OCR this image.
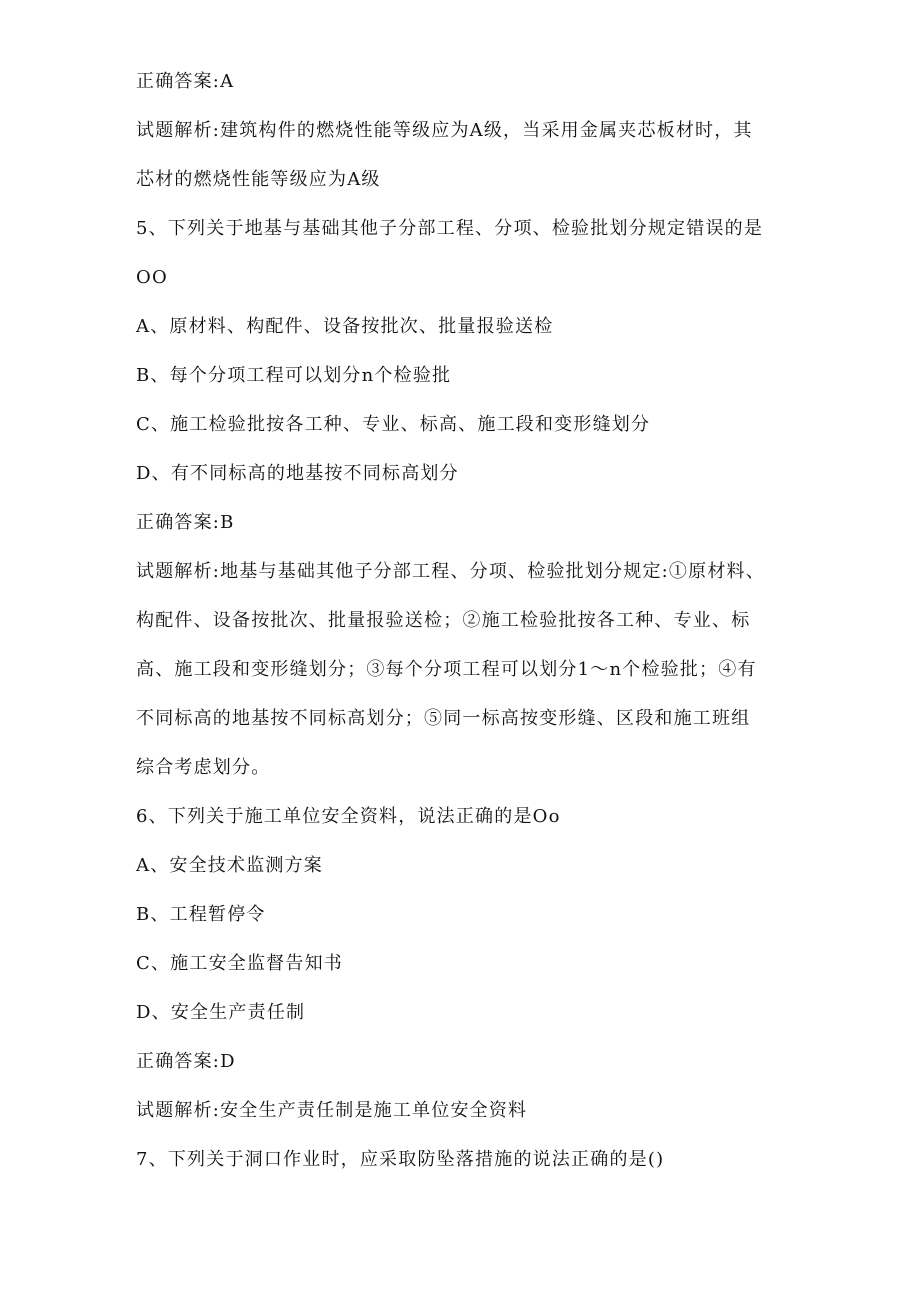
正确答案:A
试题解析:建筑构件的燃烧性能等级应为A级，当采用金属夹芯板材时，其
芯材的燃烧性能等级应为A级
5、下列关于地基与基础其他子分部工程、分项、检验批划分规定错误的是
OO
A、原材料、构配件、设备按批次、批量报验送检
B、每个分项工程可以划分n个检验批
C、施工检验批按各工种、专业、标高、施工段和变形缝划分
D、有不同标高的地基按不同标高划分
正确答案:B
试题解析:地基与基础其他子分部工程、分项、检验批划分规定:①原材料、
构配件、设备按批次、批量报验送检；②施工检验批按各工种、专业、标
高、施工段和变形缝划分；③每个分项工程可以划分1～n个检验批；④有
不同标高的地基按不同标高划分；⑤同一标高按变形缝、区段和施工班组
综合考虑划分。
6、下列关于施工单位安全资料，说法正确的是Oo
A、安全技术监测方案
B、工程暂停令
C、施工安全监督告知书
D、安全生产责任制
正确答案:D
试题解析:安全生产责任制是施工单位安全资料
7、下列关于洞口作业时，应采取防坠落措施的说法正确的是()
